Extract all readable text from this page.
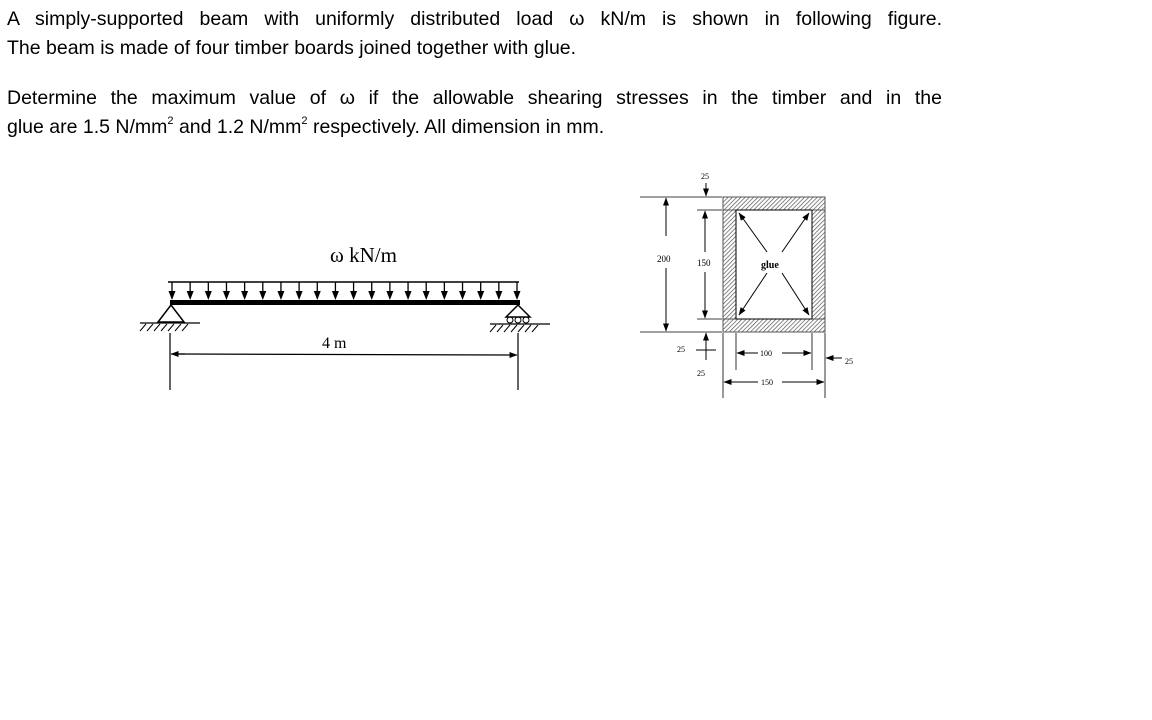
A simply-supported beam with uniformly distributed load ω kN/m is shown in following figure.
The beam is made of four timber boards joined together with glue.
Determine the maximum value of ω if the allowable shearing stresses in the timber and in the
glue are 1.5 $N/mm^2$ and 1.2 $N/mm^2$ respectively. All dimension in mm.
ω kN/m
4 m
glue
200	150
25
25
25
100
25
150
